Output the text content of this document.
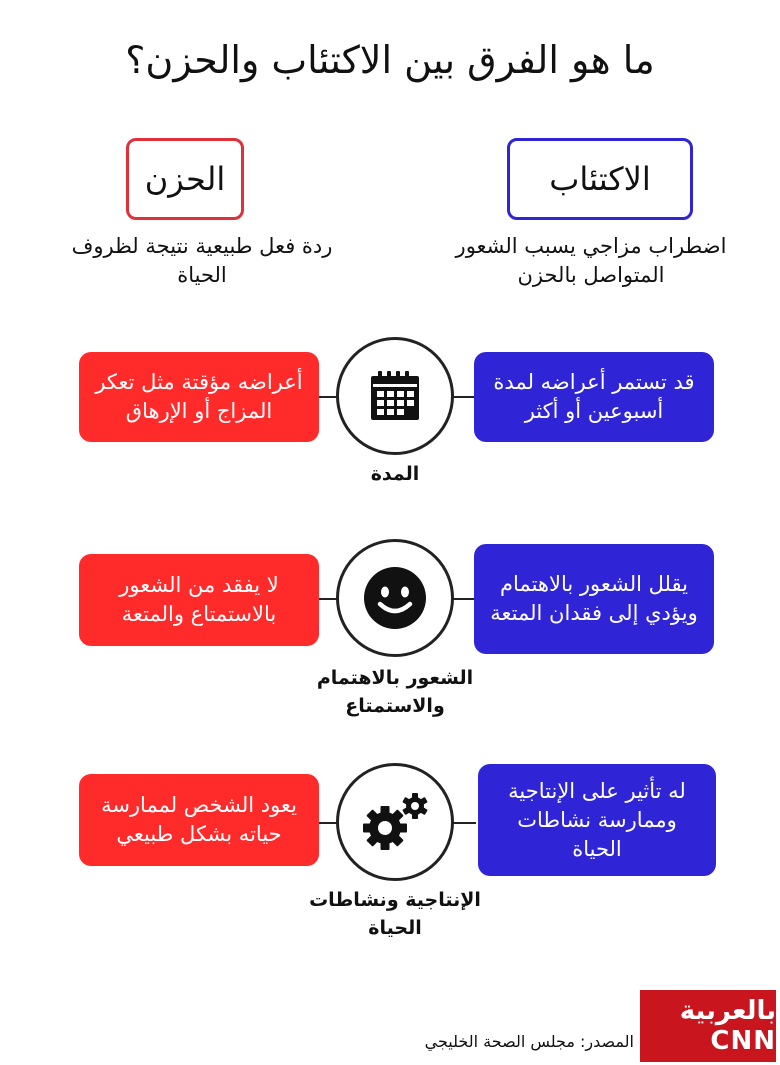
ما هو الفرق بين الاكتئاب والحزن؟
الاكتئاب
الحزن

اضطراب مزاجي يسبب الشعور المتواصل بالحزن

ردة فعل طبيعية نتيجة لظروف الحياة

قد تستمر أعراضه لمدة أسبوعين أو أكثر
أعراضه مؤقتة مثل تعكر المزاج أو الإرهاق
المدة
يقلل الشعور بالاهتمام ويؤدي إلى فقدان المتعة
لا يفقد من الشعور بالاستمتاع والمتعة
الشعور بالاهتمام والاستمتاع
له تأثير على الإنتاجية وممارسة نشاطات الحياة
يعود الشخص لممارسة حياته بشكل طبيعي
الإنتاجية ونشاطات الحياة
المصدر: مجلس الصحة الخليجي
بالعربية CNN
